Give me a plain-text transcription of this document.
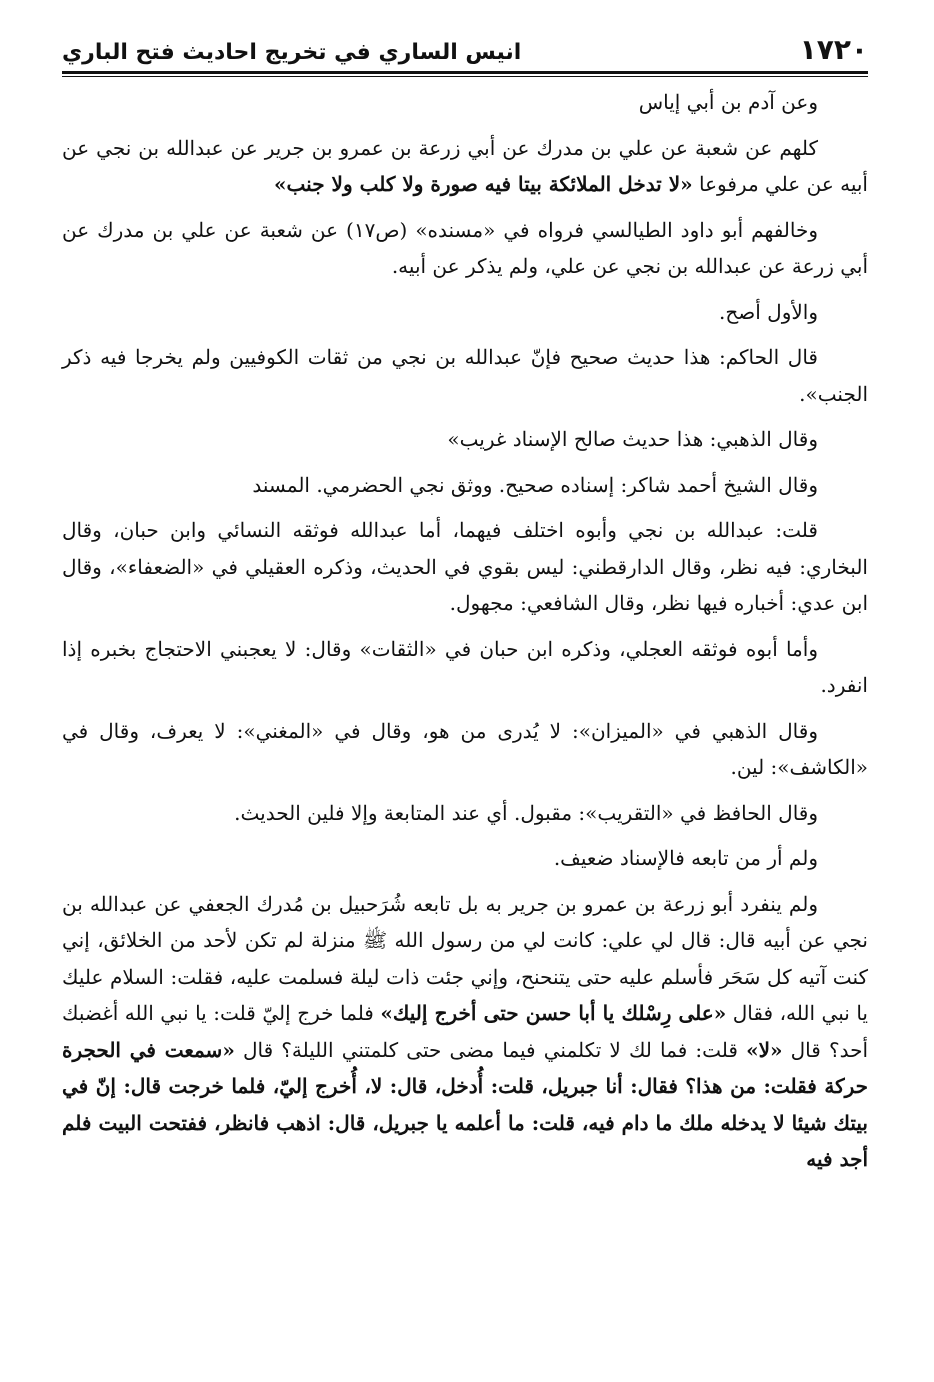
١٧٢٠
انيس الساري في تخريج احاديث فتح الباري

وعن آدم بن أبي إياس

كلهم عن شعبة عن علي بن مدرك عن أبي زرعة بن عمرو بن جرير عن عبدالله بن نجي عن أبيه عن علي مرفوعا «لا تدخل الملائكة بيتا فيه صورة ولا كلب ولا جنب»

وخالفهم أبو داود الطيالسي فرواه في «مسنده» (ص١٧) عن شعبة عن علي بن مدرك عن أبي زرعة عن عبدالله بن نجي عن علي، ولم يذكر عن أبيه.

والأول أصح.

قال الحاكم: هذا حديث صحيح فإنّ عبدالله بن نجي من ثقات الكوفيين ولم يخرجا فيه ذكر الجنب».

وقال الذهبي: هذا حديث صالح الإسناد غريب»

وقال الشيخ أحمد شاكر: إسناده صحيح. ووثق نجي الحضرمي. المسند

قلت: عبدالله بن نجي وأبوه اختلف فيهما، أما عبدالله فوثقه النسائي وابن حبان، وقال البخاري: فيه نظر، وقال الدارقطني: ليس بقوي في الحديث، وذكره العقيلي في «الضعفاء»، وقال ابن عدي: أخباره فيها نظر، وقال الشافعي: مجهول.

وأما أبوه فوثقه العجلي، وذكره ابن حبان في «الثقات» وقال: لا يعجبني الاحتجاج بخبره إذا انفرد.

وقال الذهبي في «الميزان»: لا يُدرى من هو، وقال في «المغني»: لا يعرف، وقال في «الكاشف»: لين.

وقال الحافظ في «التقريب»: مقبول. أي عند المتابعة وإلا فلين الحديث.

ولم أر من تابعه فالإسناد ضعيف.

ولم ينفرد أبو زرعة بن عمرو بن جرير به بل تابعه شُرَحبيل بن مُدرك الجعفي عن عبدالله بن نجي عن أبيه قال: قال لي علي: كانت لي من رسول الله ﷺ منزلة لم تكن لأحد من الخلائق، إني كنت آتيه كل سَحَر فأسلم عليه حتى يتنحنح، وإني جئت ذات ليلة فسلمت عليه، فقلت: السلام عليك يا نبي الله، فقال «على رِسْلك يا أبا حسن حتى أخرج إليك» فلما خرج إليّ قلت: يا نبي الله أغضبك أحد؟ قال «لا» قلت: فما لك لا تكلمني فيما مضى حتى كلمتني الليلة؟ قال «سمعت في الحجرة حركة فقلت: من هذا؟ فقال: أنا جبريل، قلت: أُدخل، قال: لا، أُخرج إليّ، فلما خرجت قال: إنّ في بيتك شيئا لا يدخله ملك ما دام فيه، قلت: ما أعلمه يا جبريل، قال: اذهب فانظر، ففتحت البيت فلم أجد فيه
